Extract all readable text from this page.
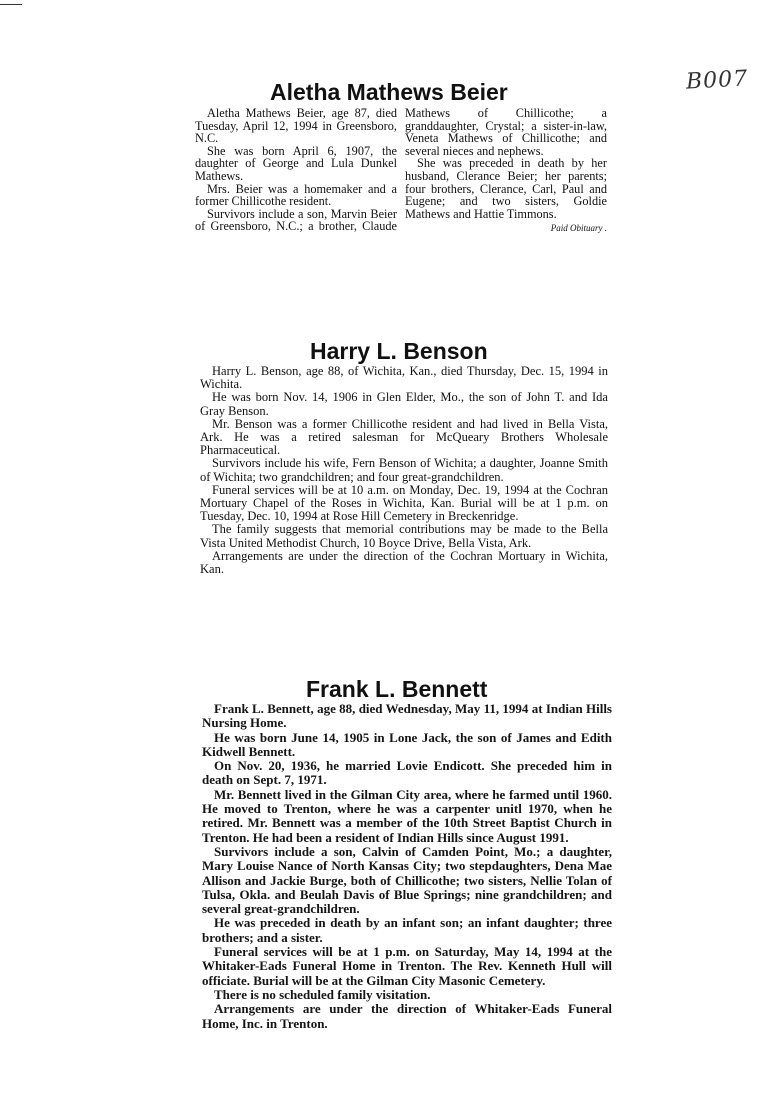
B007
Aletha Mathews Beier

Aletha Mathews Beier, age 87, died Tuesday, April 12, 1994 in Greensboro, N.C.

She was born April 6, 1907, the daughter of George and Lula Dunkel Mathews.

Mrs. Beier was a homemaker and a former Chillicothe resident.

Survivors include a son, Marvin Beier of Greensboro, N.C.; a brother, Claude Mathews of Chillicothe; a granddaughter, Crystal; a sister-in-law, Veneta Mathews of Chillicothe; and several nieces and nephews.

She was preceded in death by her husband, Clerance Beier; her parents; four brothers, Clerance, Carl, Paul and Eugene; and two sisters, Goldie Mathews and Hattie Timmons.

Paid Obituary .
Harry L. Benson

Harry L. Benson, age 88, of Wichita, Kan., died Thursday, Dec. 15, 1994 in Wichita.

He was born Nov. 14, 1906 in Glen Elder, Mo., the son of John T. and Ida Gray Benson.

Mr. Benson was a former Chillicothe resident and had lived in Bella Vista, Ark. He was a retired salesman for McQueary Brothers Wholesale Pharmaceutical.

Survivors include his wife, Fern Benson of Wichita; a daughter, Joanne Smith of Wichita; two grandchildren; and four great-grandchildren.

Funeral services will be at 10 a.m. on Monday, Dec. 19, 1994 at the Cochran Mortuary Chapel of the Roses in Wichita, Kan. Burial will be at 1 p.m. on Tuesday, Dec. 10, 1994 at Rose Hill Cemetery in Breckenridge.

The family suggests that memorial contributions may be made to the Bella Vista United Methodist Church, 10 Boyce Drive, Bella Vista, Ark.

Arrangements are under the direction of the Cochran Mortuary in Wichita, Kan.

Frank L. Bennett

Frank L. Bennett, age 88, died Wednesday, May 11, 1994 at Indian Hills Nursing Home.

He was born June 14, 1905 in Lone Jack, the son of James and Edith Kidwell Bennett.

On Nov. 20, 1936, he married Lovie Endicott. She preceded him in death on Sept. 7, 1971.

Mr. Bennett lived in the Gilman City area, where he farmed until 1960. He moved to Trenton, where he was a carpenter unitl 1970, when he retired. Mr. Bennett was a member of the 10th Street Baptist Church in Trenton. He had been a resident of Indian Hills since August 1991.

Survivors include a son, Calvin of Camden Point, Mo.; a daughter, Mary Louise Nance of North Kansas City; two stepdaughters, Dena Mae Allison and Jackie Burge, both of Chillicothe; two sisters, Nellie Tolan of Tulsa, Okla. and Beulah Davis of Blue Springs; nine grandchildren; and several great-grandchildren.

He was preceded in death by an infant son; an infant daughter; three brothers; and a sister.

Funeral services will be at 1 p.m. on Saturday, May 14, 1994 at the Whitaker-Eads Funeral Home in Trenton. The Rev. Kenneth Hull will officiate. Burial will be at the Gilman City Masonic Cemetery.

There is no scheduled family visitation.

Arrangements are under the direction of Whitaker-Eads Funeral Home, Inc. in Trenton.
